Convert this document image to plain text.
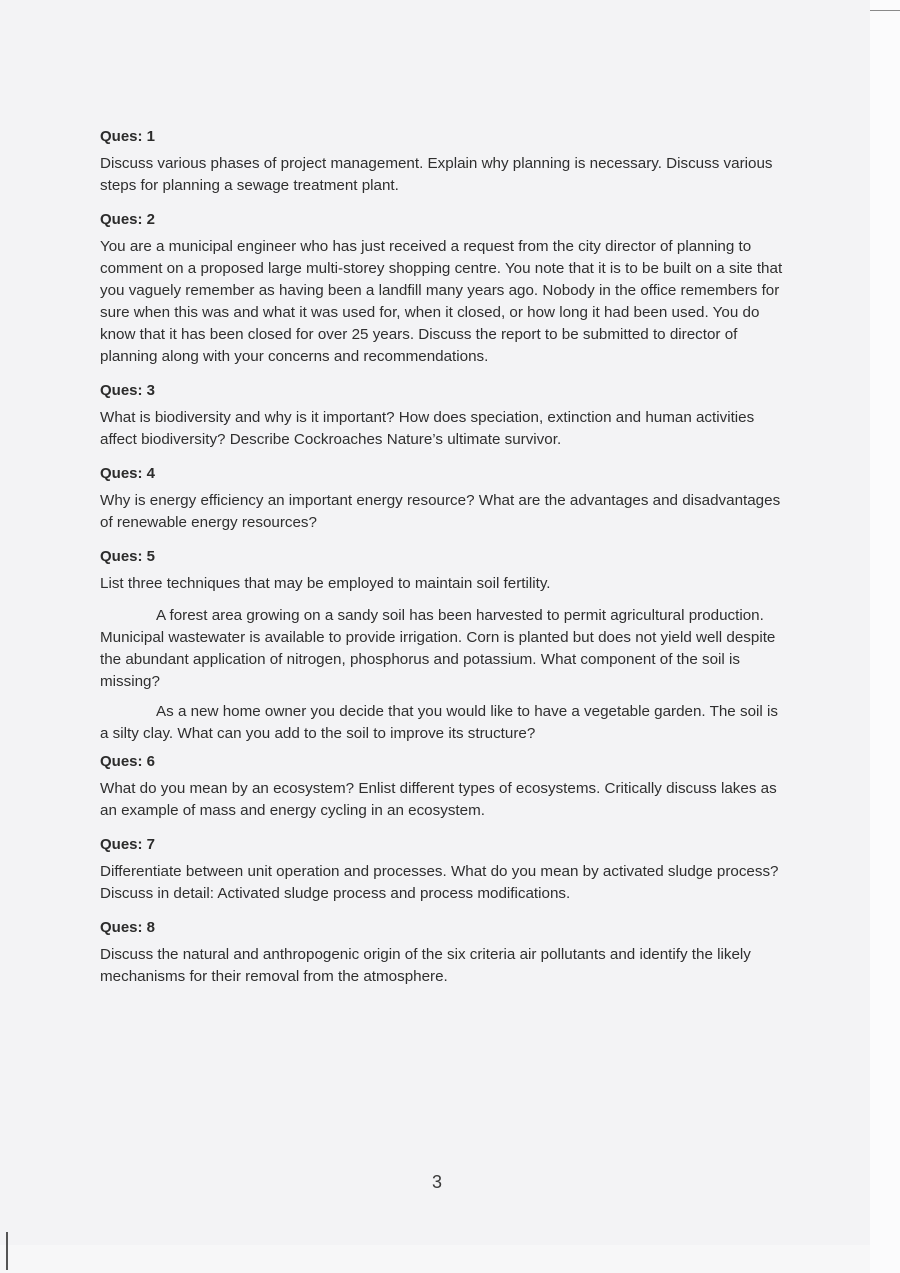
Ques: 1

Discuss various phases of project management. Explain why planning is necessary. Discuss various steps for planning a sewage treatment plant.

Ques: 2

You are a municipal engineer who has just received a request from the city director of planning to comment on a proposed large multi-storey shopping centre. You note that it is to be built on a site that you vaguely remember as having been a landfill many years ago. Nobody in the office remembers for sure when this was and what it was used for, when it closed, or how long it had been used. You do know that it has been closed for over 25 years. Discuss the report to be submitted to director of planning along with your concerns and recommendations.

Ques: 3

What is biodiversity and why is it important? How does speciation, extinction and human activities affect biodiversity? Describe Cockroaches Nature’s ultimate survivor.

Ques: 4

Why is energy efficiency an important energy resource? What are the advantages and disadvantages of renewable energy resources?

Ques: 5

List three techniques that may be employed to maintain soil fertility.

A forest area growing on a sandy soil has been harvested to permit agricultural production. Municipal wastewater is available to provide irrigation. Corn is planted but does not yield well despite the abundant application of nitrogen, phosphorus and potassium. What component of the soil is missing?

As a new home owner you decide that you would like to have a vegetable garden. The soil is a silty clay. What can you add to the soil to improve its structure?

Ques: 6

What do you mean by an ecosystem? Enlist different types of ecosystems. Critically discuss lakes as an example of mass and energy cycling in an ecosystem.

Ques: 7

Differentiate between unit operation and processes. What do you mean by activated sludge process? Discuss in detail: Activated sludge process and process modifications.

Ques: 8

Discuss the natural and anthropogenic origin of the six criteria air pollutants and identify the likely mechanisms for their removal from the atmosphere.

3
